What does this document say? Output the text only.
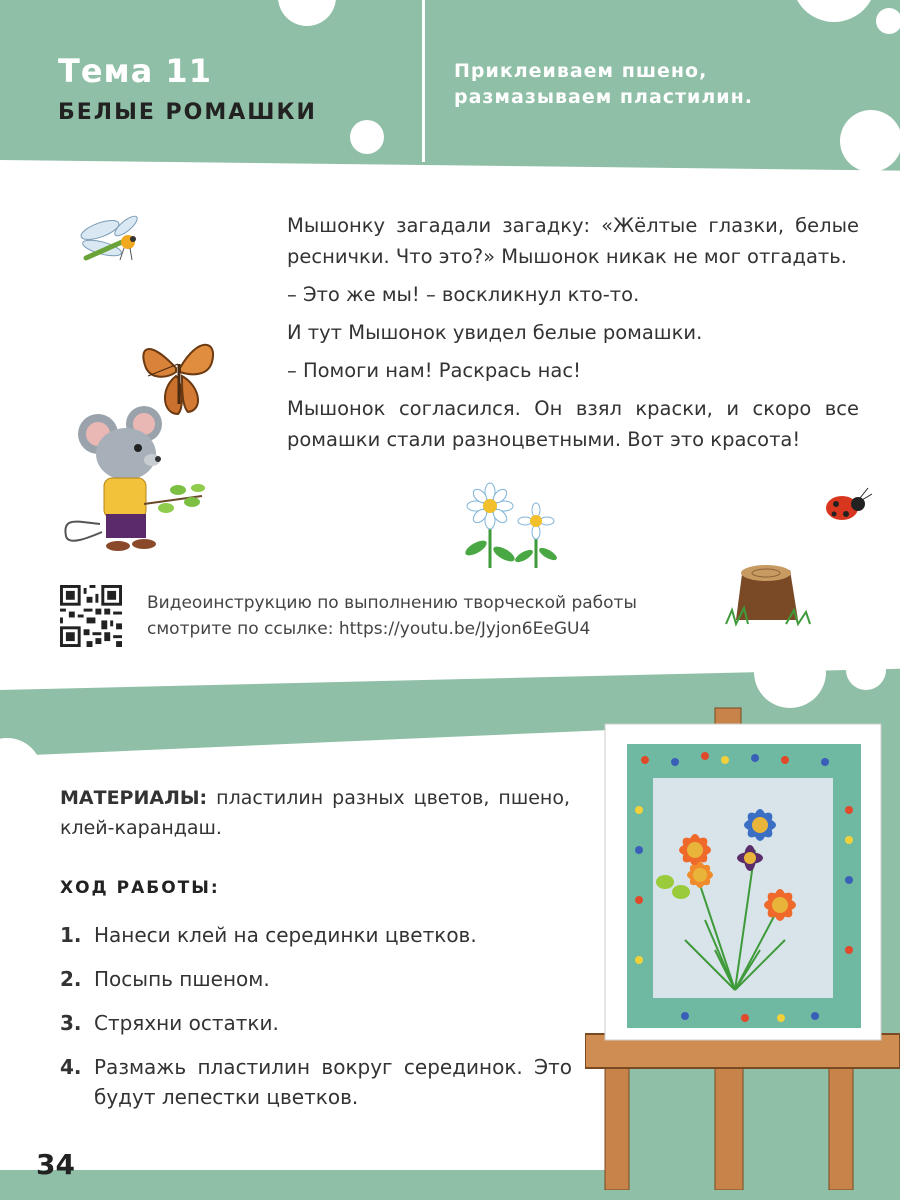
Тема 11
БЕЛЫЕ РОМАШКИ
Приклеиваем пшено, размазываем пластилин.

Мышонку загадали загадку: «Жёлтые глазки, белые реснички. Что это?» Мышонок никак не мог отгадать.

– Это же мы! – воскликнул кто-то.

И тут Мышонок увидел белые ромашки.

– Помоги нам! Раскрась нас!

Мышонок согласился. Он взял краски, и скоро все ромашки стали разноцветными. Вот это красота!

Видеоинструкцию по выполнению творческой работы
смотрите по ссылке: https://youtu.be/Jyjon6EeGU4
МАТЕРИАЛЫ: пластилин разных цветов, пшено, клей-карандаш.
ХОД РАБОТЫ:
1. Нанеси клей на серединки цветков.
2. Посыпь пшеном.
3. Стряхни остатки.
4. Размажь пластилин вокруг серединок. Это будут лепестки цветков.
34
